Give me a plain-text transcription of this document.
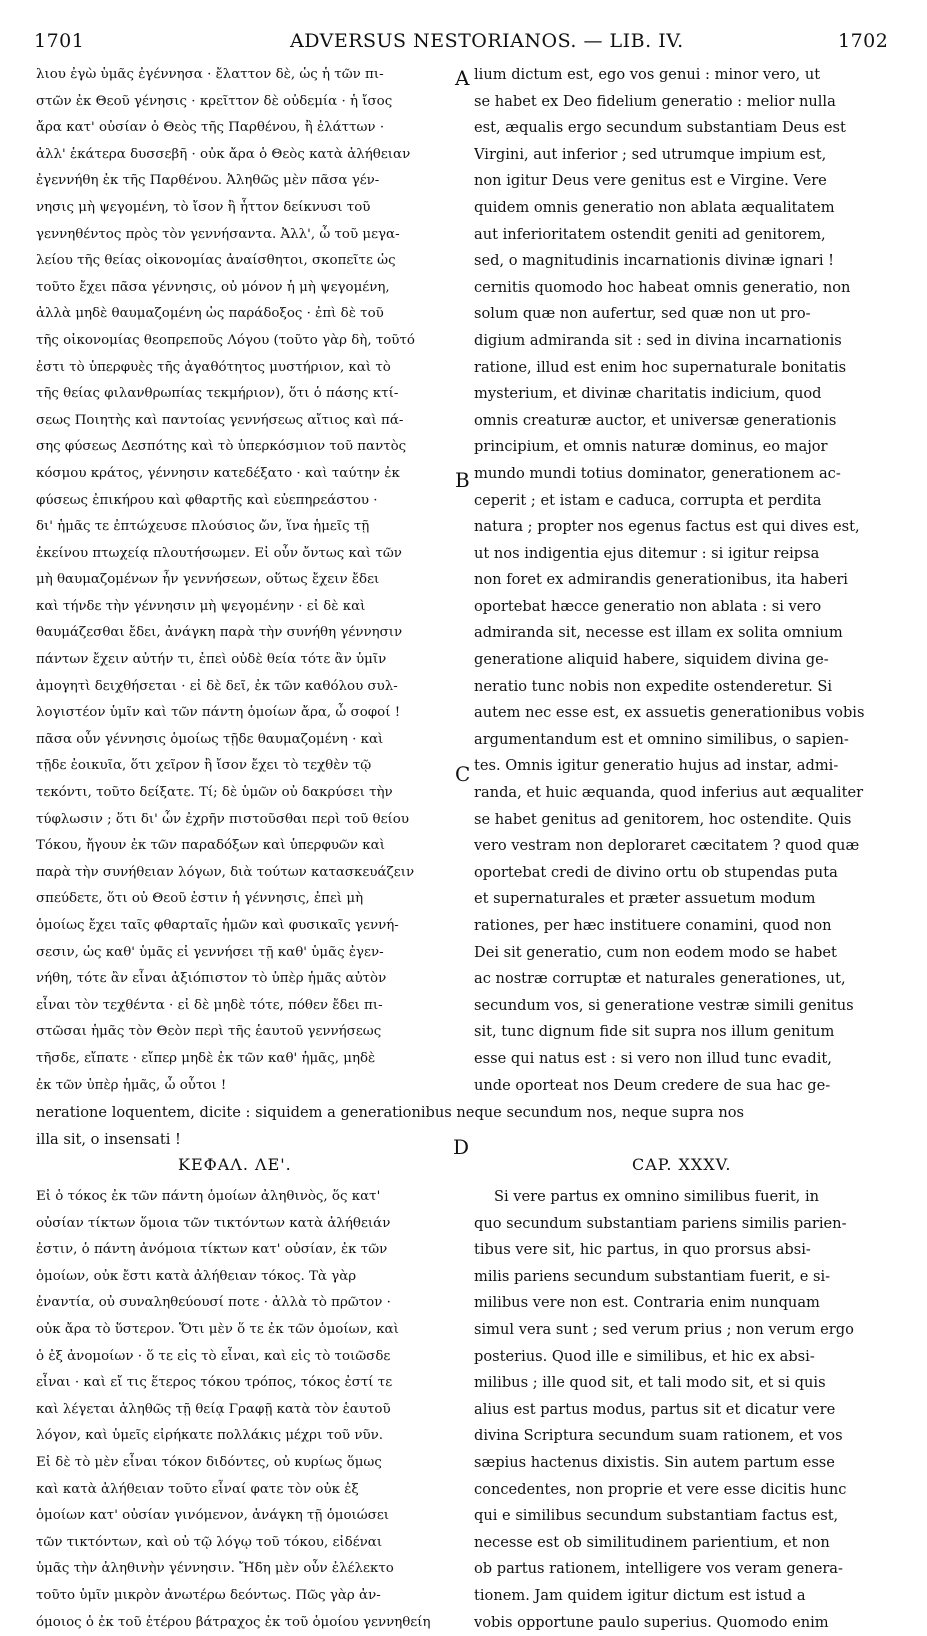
1701	ADVERSUS NESTORIANOS. — LIB. IV.	1702
λιου ἐγὼ ὑμᾶς ἐγέννησα · ἔλαττον δὲ, ὡς ἡ τῶν πι-
στῶν ἐκ Θεοῦ γένησις · κρεῖττον δὲ οὐδεμία · ἡ ἴσος
ἄρα κατ' οὐσίαν ὁ Θεὸς τῆς Παρθένου, ἢ ἐλάττων ·
ἀλλ' ἑκάτερα δυσσεβῆ · οὐκ ἄρα ὁ Θεὸς κατὰ ἀλήθειαν
ἐγεννήθη ἐκ τῆς Παρθένου. Ἀληθῶς μὲν πᾶσα γέν-
νησις μὴ ψεγομένη, τὸ ἴσον ἢ ἧττον δείκνυσι τοῦ
γεννηθέντος πρὸς τὸν γεννήσαντα. Ἀλλ', ὦ τοῦ μεγα-
λείου τῆς θείας οἰκονομίας ἀναίσθητοι, σκοπεῖτε ὡς
τοῦτο ἔχει πᾶσα γέννησις, οὐ μόνον ἡ μὴ ψεγομένη,
ἀλλὰ μηδὲ θαυμαζομένη ὡς παράδοξος · ἐπὶ δὲ τοῦ
τῆς οἰκονομίας θεοπρεποῦς Λόγου (τοῦτο γὰρ δὴ, τοῦτό
ἐστι τὸ ὑπερφυὲς τῆς ἀγαθότητος μυστήριον, καὶ τὸ
τῆς θείας φιλανθρωπίας τεκμήριον), ὅτι ὁ πάσης κτί-
σεως Ποιητὴς καὶ παντοίας γεννήσεως αἴτιος καὶ πά-
σης φύσεως Δεσπότης καὶ τὸ ὑπερκόσμιον τοῦ παντὸς
κόσμου κράτος, γέννησιν κατεδέξατο · καὶ ταύτην ἐκ
φύσεως ἐπικήρου καὶ φθαρτῆς καὶ εὐεπηρεάστου ·
δι' ἡμᾶς τε ἐπτώχευσε πλούσιος ὤν, ἵνα ἡμεῖς τῇ
ἐκείνου πτωχείᾳ πλουτήσωμεν. Εἰ οὖν ὄντως καὶ τῶν
μὴ θαυμαζομένων ἦν γεννήσεων, οὕτως ἔχειν ἔδει
καὶ τήνδε τὴν γέννησιν μὴ ψεγομένην · εἰ δὲ καὶ
θαυμάζεσθαι ἔδει, ἀνάγκη παρὰ τὴν συνήθη γέννησιν
πάντων ἔχειν αὐτήν τι, ἐπεὶ οὐδὲ θεία τότε ἂν ὑμῖν
ἀμογητὶ δειχθήσεται · εἰ δὲ δεῖ, ἐκ τῶν καθόλου συλ-
λογιστέον ὑμῖν καὶ τῶν πάντη ὁμοίων ἄρα, ὦ σοφοί !
πᾶσα οὖν γέννησις ὁμοίως τῇδε θαυμαζομένη · καὶ
τῇδε ἐοικυῖα, ὅτι χεῖρον ἢ ἴσον ἔχει τὸ τεχθὲν τῷ
τεκόντι, τοῦτο δείξατε. Τί; δὲ ὑμῶν οὐ δακρύσει τὴν
τύφλωσιν ; ὅτι δι' ὧν ἐχρῆν πιστοῦσθαι περὶ τοῦ θείου
Τόκου, ἤγουν ἐκ τῶν παραδόξων καὶ ὑπερφυῶν καὶ
παρὰ τὴν συνήθειαν λόγων, διὰ τούτων κατασκευάζειν
σπεύδετε, ὅτι οὐ Θεοῦ ἐστιν ἡ γέννησις, ἐπεὶ μὴ
ὁμοίως ἔχει ταῖς φθαρταῖς ἡμῶν καὶ φυσικαῖς γεννή-
σεσιν, ὡς καθ' ὑμᾶς εἰ γεννήσει τῇ καθ' ὑμᾶς ἐγεν-
νήθη, τότε ἂν εἶναι ἀξιόπιστον τὸ ὑπὲρ ἡμᾶς αὐτὸν
εἶναι τὸν τεχθέντα · εἰ δὲ μηδὲ τότε, πόθεν ἔδει πι-
στῶσαι ἡμᾶς τὸν Θεὸν περὶ τῆς ἑαυτοῦ γεννήσεως
τῆσδε, εἴπατε · εἴπερ μηδὲ ἐκ τῶν καθ' ἡμᾶς, μηδὲ
ἐκ τῶν ὑπὲρ ἡμᾶς, ὦ οὗτοι !
lium dictum est, ego vos genui : minor vero, ut
se habet ex Deo fidelium generatio : melior nulla
est, æqualis ergo secundum substantiam Deus est
Virgini, aut inferior ; sed utrumque impium est,
non igitur Deus vere genitus est e Virgine. Vere
quidem omnis generatio non ablata æqualitatem
aut inferioritatem ostendit geniti ad genitorem,
sed, o magnitudinis incarnationis divinæ ignari !
cernitis quomodo hoc habeat omnis generatio, non
solum quæ non aufertur, sed quæ non ut pro-
digium admiranda sit : sed in divina incarnationis
ratione, illud est enim hoc supernaturale bonitatis
mysterium, et divinæ charitatis indicium, quod
omnis creaturæ auctor, et universæ generationis
principium, et omnis naturæ dominus, eo major
mundo mundi totius dominator, generationem ac-
ceperit ; et istam e caduca, corrupta et perdita
natura ; propter nos egenus factus est qui dives est,
ut nos indigentia ejus ditemur : si igitur reipsa
non foret ex admirandis generationibus, ita haberi
oportebat hæcce generatio non ablata : si vero
admiranda sit, necesse est illam ex solita omnium
generatione aliquid habere, siquidem divina ge-
neratio tunc nobis non expedite ostenderetur. Si
autem nec esse est, ex assuetis generationibus vobis
argumentandum est et omnino similibus, o sapien-
tes. Omnis igitur generatio hujus ad instar, admi-
randa, et huic æquanda, quod inferius aut æqualiter
se habet genitus ad genitorem, hoc ostendite. Quis
vero vestram non deploraret cæcitatem ? quod quæ
oportebat credi de divino ortu ob stupendas puta
et supernaturales et præter assuetum modum
rationes, per hæc instituere conamini, quod non
Dei sit generatio, cum non eodem modo se habet
ac nostræ corruptæ et naturales generationes, ut,
secundum vos, si generatione vestræ simili genitus
sit, tunc dignum fide sit supra nos illum genitum
esse qui natus est : si vero non illud tunc evadit,
unde oporteat nos Deum credere de sua hac ge-
A
B
C
D
neratione loquentem, dicite : siquidem a generationibus neque secundum nos, neque supra nos
illa sit, o insensati !
ΚΕΦΑΛ. ΛΕ'.	CAP. XXXV.
Εἰ ὁ τόκος ἐκ τῶν πάντη ὁμοίων ἀληθινὸς, ὅς κατ'
οὐσίαν τίκτων ὅμοια τῶν τικτόντων κατὰ ἀλήθειάν
ἐστιν, ὁ πάντη ἀνόμοια τίκτων κατ' οὐσίαν, ἐκ τῶν
ὁμοίων, οὐκ ἔστι κατὰ ἀλήθειαν τόκος. Τὰ γὰρ
ἐναντία, οὐ συναληθεύουσί ποτε · ἀλλὰ τὸ πρῶτον ·
οὐκ ἄρα τὸ ὕστερον. Ὅτι μὲν ὅ τε ἐκ τῶν ὁμοίων, καὶ
ὁ ἐξ ἀνομοίων · ὅ τε εἰς τὸ εἶναι, καὶ εἰς τὸ τοιῶσδε
εἶναι · καὶ εἴ τις ἕτερος τόκου τρόπος, τόκος ἐστί τε
καὶ λέγεται ἀληθῶς τῇ θείᾳ Γραφῇ κατὰ τὸν ἑαυτοῦ
λόγον, καὶ ὑμεῖς εἰρήκατε πολλάκις μέχρι τοῦ νῦν.
Εἰ δὲ τὸ μὲν εἶναι τόκον διδόντες, οὐ κυρίως ὅμως
καὶ κατὰ ἀλήθειαν τοῦτο εἶναί φατε τὸν οὐκ ἐξ
ὁμοίων κατ' οὐσίαν γινόμενον, ἀνάγκη τῇ ὁμοιώσει
τῶν τικτόντων, καὶ οὐ τῷ λόγῳ τοῦ τόκου, εἰδέναι
ὑμᾶς τὴν ἀληθινὴν γέννησιν. Ἤδη μὲν οὖν ἐλέλεκτο
τοῦτο ὑμῖν μικρὸν ἀνωτέρω δεόντως. Πῶς γὰρ ἀν-
όμοιος ὁ ἐκ τοῦ ἑτέρου βάτραχος ἐκ τοῦ ὁμοίου γεννηθείη
Si vere partus ex omnino similibus fuerit, in
quo secundum substantiam pariens similis parien-
tibus vere sit, hic partus, in quo prorsus absi-
milis pariens secundum substantiam fuerit, e si-
milibus vere non est. Contraria enim nunquam
simul vera sunt ; sed verum prius ; non verum ergo
posterius. Quod ille e similibus, et hic ex absi-
milibus ; ille quod sit, et tali modo sit, et si quis
alius est partus modus, partus sit et dicatur vere
divina Scriptura secundum suam rationem, et vos
sæpius hactenus dixistis. Sin autem partum esse
concedentes, non proprie et vere esse dicitis hunc
qui e similibus secundum substantiam factus est,
necesse est ob similitudinem parientium, et non
ob partus rationem, intelligere vos veram genera-
tionem. Jam quidem igitur dictum est istud a
vobis opportune paulo superius. Quomodo enim
